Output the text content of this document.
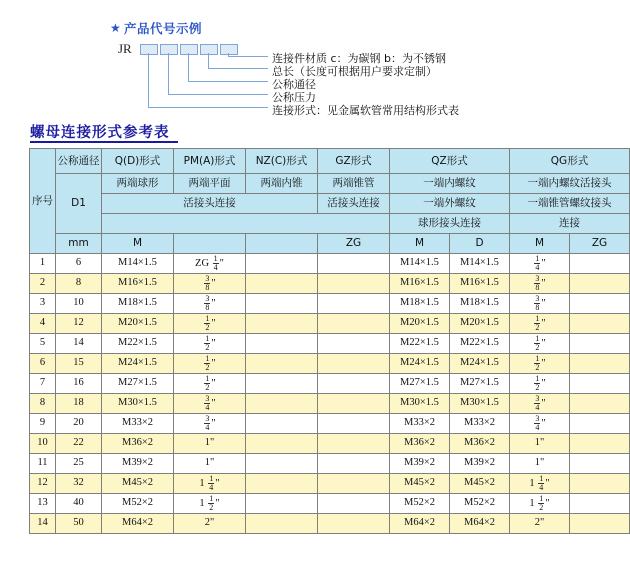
★ 产品代号示例
JR
连接件材质 c：为碳钢 b：为不锈钢
总长（长度可根据用户要求定制）
公称通径
公称压力
连接形式：见金属软管常用结构形式表
螺母连接形式参考表
序号	公称通径	Q(D)形式	PM(A)形式	NZ(C)形式	GZ形式	QZ形式		QG形式	
	D1	两端球形	两端平面	两端内锥	两端锥管	一端内螺纹		一端内螺纹活接头	
		活接头连接			活接头连接	一端外螺纹		一端锥管螺纹接头	
						球形接头连接		连接	
	mm	M			ZG	M	D	M	ZG
1	6	M14×1.5	ZG $\frac{1}{4}$ "			M14×1.5	M14×1.5	$\frac{1}{4}$ "	
2	8	M16×1.5	$\frac{3}{8}$ "			M16×1.5	M16×1.5	$\frac{3}{8}$ "	
3	10	M18×1.5	$\frac{3}{8}$ "			M18×1.5	M18×1.5	$\frac{3}{8}$ "	
4	12	M20×1.5	$\frac{1}{2}$ "			M20×1.5	M20×1.5	$\frac{1}{2}$ "	
5	14	M22×1.5	$\frac{1}{2}$ "			M22×1.5	M22×1.5	$\frac{1}{2}$ "	
6	15	M24×1.5	$\frac{1}{2}$ "			M24×1.5	M24×1.5	$\frac{1}{2}$ "	
7	16	M27×1.5	$\frac{1}{2}$ "			M27×1.5	M27×1.5	$\frac{1}{2}$ "	
8	18	M30×1.5	$\frac{3}{4}$ "			M30×1.5	M30×1.5	$\frac{3}{4}$ "	
9	20	M33×2	$\frac{3}{4}$ "			M33×2	M33×2	$\frac{3}{4}$ "	
10	22	M36×2	1"			M36×2	M36×2	1"	
11	25	M39×2	1"			M39×2	M39×2	1"	
12	32	M45×2	$1 \frac{1}{4}$ "			M45×2	M45×2	$1 \frac{1}{4}$ "	
13	40	M52×2	$1 \frac{1}{2}$ "			M52×2	M52×2	$1 \frac{1}{2}$ "	
14	50	M64×2	2"			M64×2	M64×2	2"	
